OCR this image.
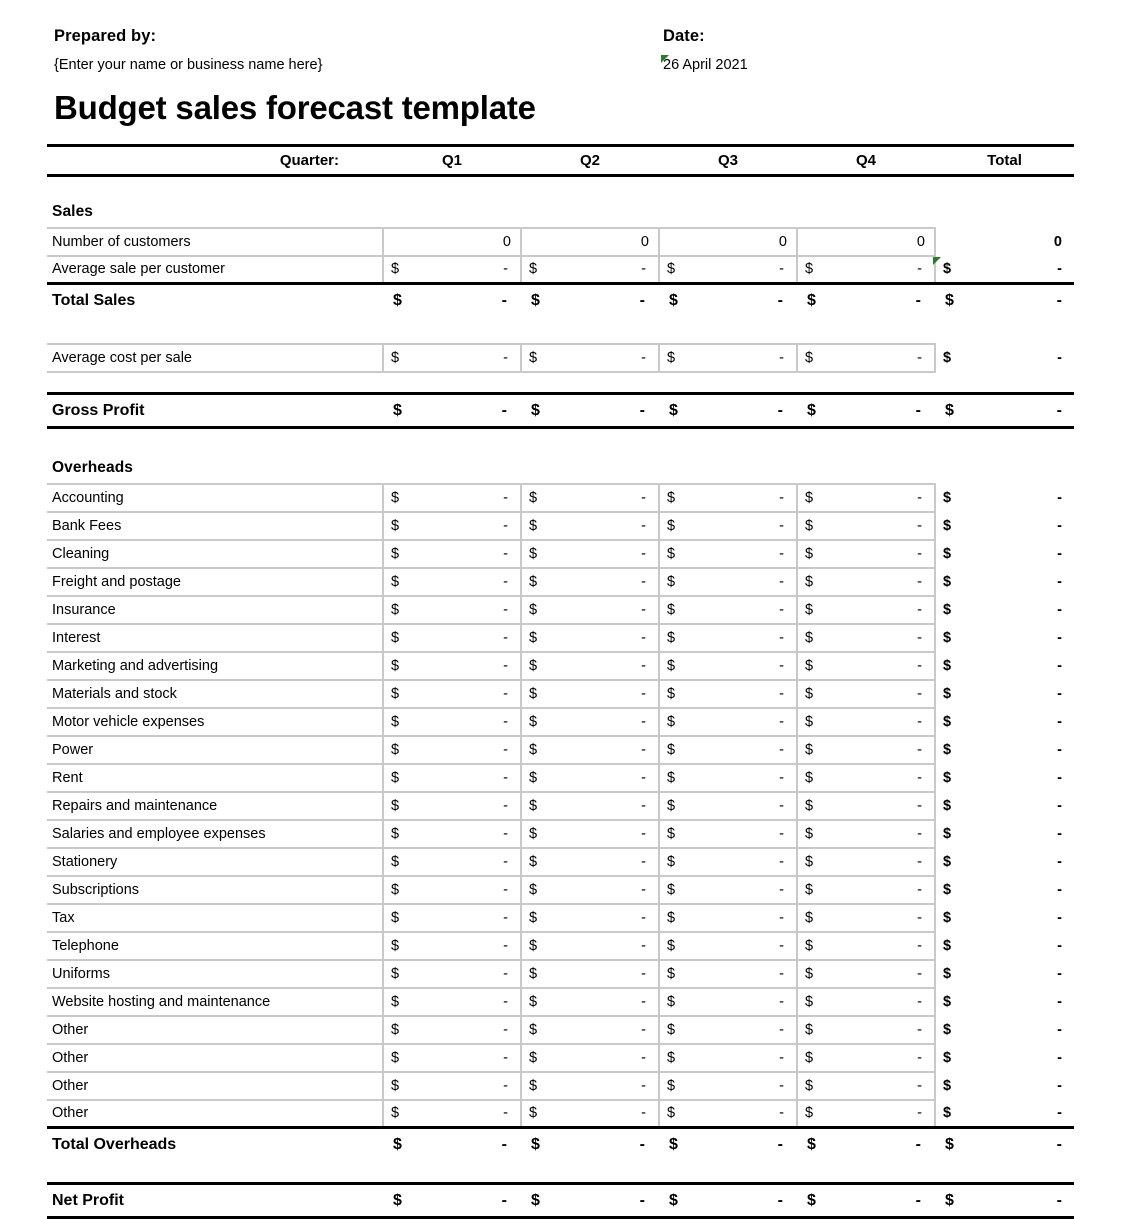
Prepared by:
{Enter your name or business name here}
Date:
26 April 2021
Budget sales forecast template
Quarter:	Q1	Q2	Q3	Q4	Total

Sales					
Number of customers	0	0	0	0	0

Average sale per customer	$ -	$ -	$ -	$ -	$ -

Total Sales	$ -	$ -	$ -	$ -	$ -

Average cost per sale	$ -	$ -	$ -	$ -	$ -

Gross Profit	$ -	$ -	$ -	$ -	$ -

Overheads					
Accounting	$ -	$ -	$ -	$ -	$ -

Bank Fees	$ -	$ -	$ -	$ -	$ -

Cleaning	$ -	$ -	$ -	$ -	$ -

Freight and postage	$ -	$ -	$ -	$ -	$ -

Insurance	$ -	$ -	$ -	$ -	$ -

Interest	$ -	$ -	$ -	$ -	$ -

Marketing and advertising	$ -	$ -	$ -	$ -	$ -

Materials and stock	$ -	$ -	$ -	$ -	$ -

Motor vehicle expenses	$ -	$ -	$ -	$ -	$ -

Power	$ -	$ -	$ -	$ -	$ -

Rent	$ -	$ -	$ -	$ -	$ -

Repairs and maintenance	$ -	$ -	$ -	$ -	$ -

Salaries and employee expenses	$ -	$ -	$ -	$ -	$ -

Stationery	$ -	$ -	$ -	$ -	$ -

Subscriptions	$ -	$ -	$ -	$ -	$ -

Tax	$ -	$ -	$ -	$ -	$ -

Telephone	$ -	$ -	$ -	$ -	$ -

Uniforms	$ -	$ -	$ -	$ -	$ -

Website hosting and maintenance	$ -	$ -	$ -	$ -	$ -

Other	$ -	$ -	$ -	$ -	$ -

Other	$ -	$ -	$ -	$ -	$ -

Other	$ -	$ -	$ -	$ -	$ -

Other	$ -	$ -	$ -	$ -	$ -

Total Overheads	$ -	$ -	$ -	$ -	$ -

Net Profit	$ -	$ -	$ -	$ -	$ -
